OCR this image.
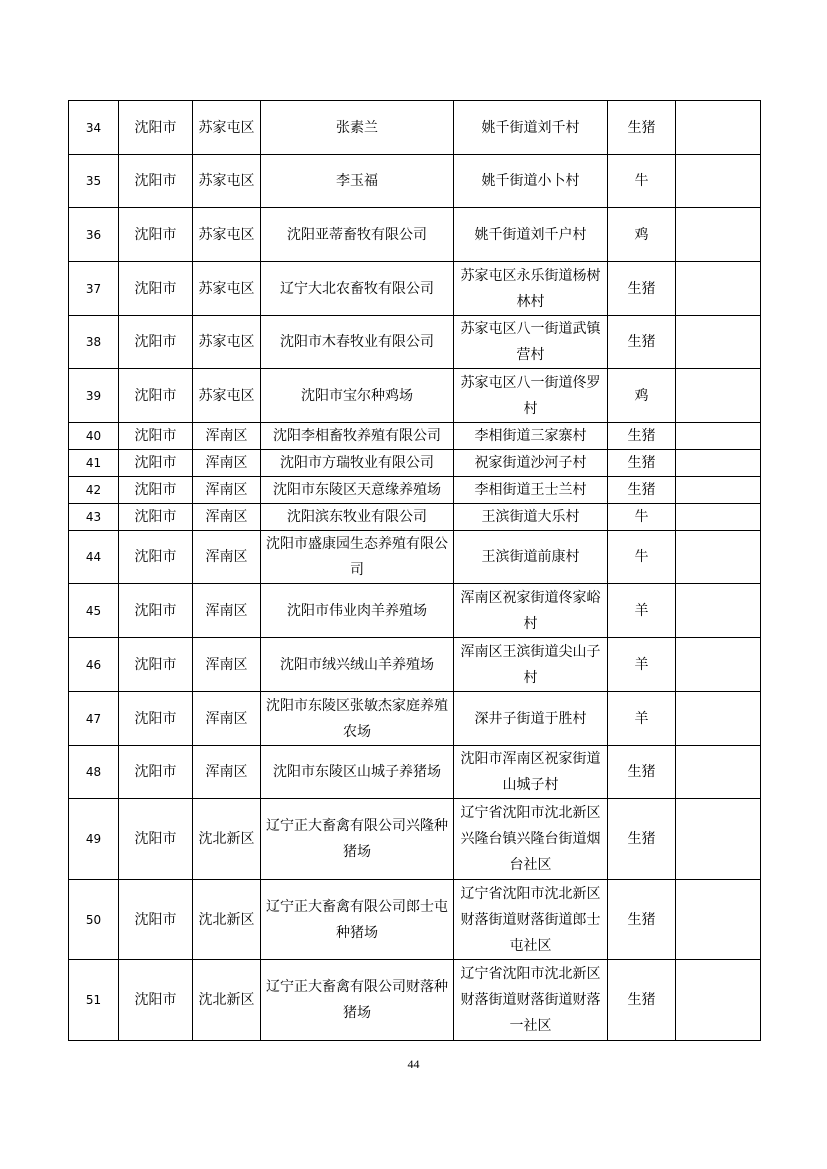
34	沈阳市	苏家屯区	张素兰	姚千街道刘千村	生猪	
35	沈阳市	苏家屯区	李玉福	姚千街道小卜村	牛	
36	沈阳市	苏家屯区	沈阳亚蒂畜牧有限公司	姚千街道刘千户村	鸡	
37	沈阳市	苏家屯区	辽宁大北农畜牧有限公司	苏家屯区永乐街道杨树林村	生猪	
38	沈阳市	苏家屯区	沈阳市木春牧业有限公司	苏家屯区八一街道武镇营村	生猪	
39	沈阳市	苏家屯区	沈阳市宝尔种鸡场	苏家屯区八一街道佟罗村	鸡	
40	沈阳市	浑南区	沈阳李相畜牧养殖有限公司	李相街道三家寨村	生猪	
41	沈阳市	浑南区	沈阳市方瑞牧业有限公司	祝家街道沙河子村	生猪	
42	沈阳市	浑南区	沈阳市东陵区天意缘养殖场	李相街道王士兰村	生猪	
43	沈阳市	浑南区	沈阳滨东牧业有限公司	王滨街道大乐村	牛	
44	沈阳市	浑南区	沈阳市盛康园生态养殖有限公司	王滨街道前康村	牛	
45	沈阳市	浑南区	沈阳市伟业肉羊养殖场	浑南区祝家街道佟家峪村	羊	
46	沈阳市	浑南区	沈阳市绒兴绒山羊养殖场	浑南区王滨街道尖山子村	羊	
47	沈阳市	浑南区	沈阳市东陵区张敏杰家庭养殖农场	深井子街道于胜村	羊	
48	沈阳市	浑南区	沈阳市东陵区山城子养猪场	沈阳市浑南区祝家街道山城子村	生猪	
49	沈阳市	沈北新区	辽宁正大畜禽有限公司兴隆种猪场	辽宁省沈阳市沈北新区兴隆台镇兴隆台街道烟台社区	生猪	
50	沈阳市	沈北新区	辽宁正大畜禽有限公司郎士屯种猪场	辽宁省沈阳市沈北新区财落街道财落街道郎士屯社区	生猪	
51	沈阳市	沈北新区	辽宁正大畜禽有限公司财落种猪场	辽宁省沈阳市沈北新区财落街道财落街道财落一社区	生猪	
44
